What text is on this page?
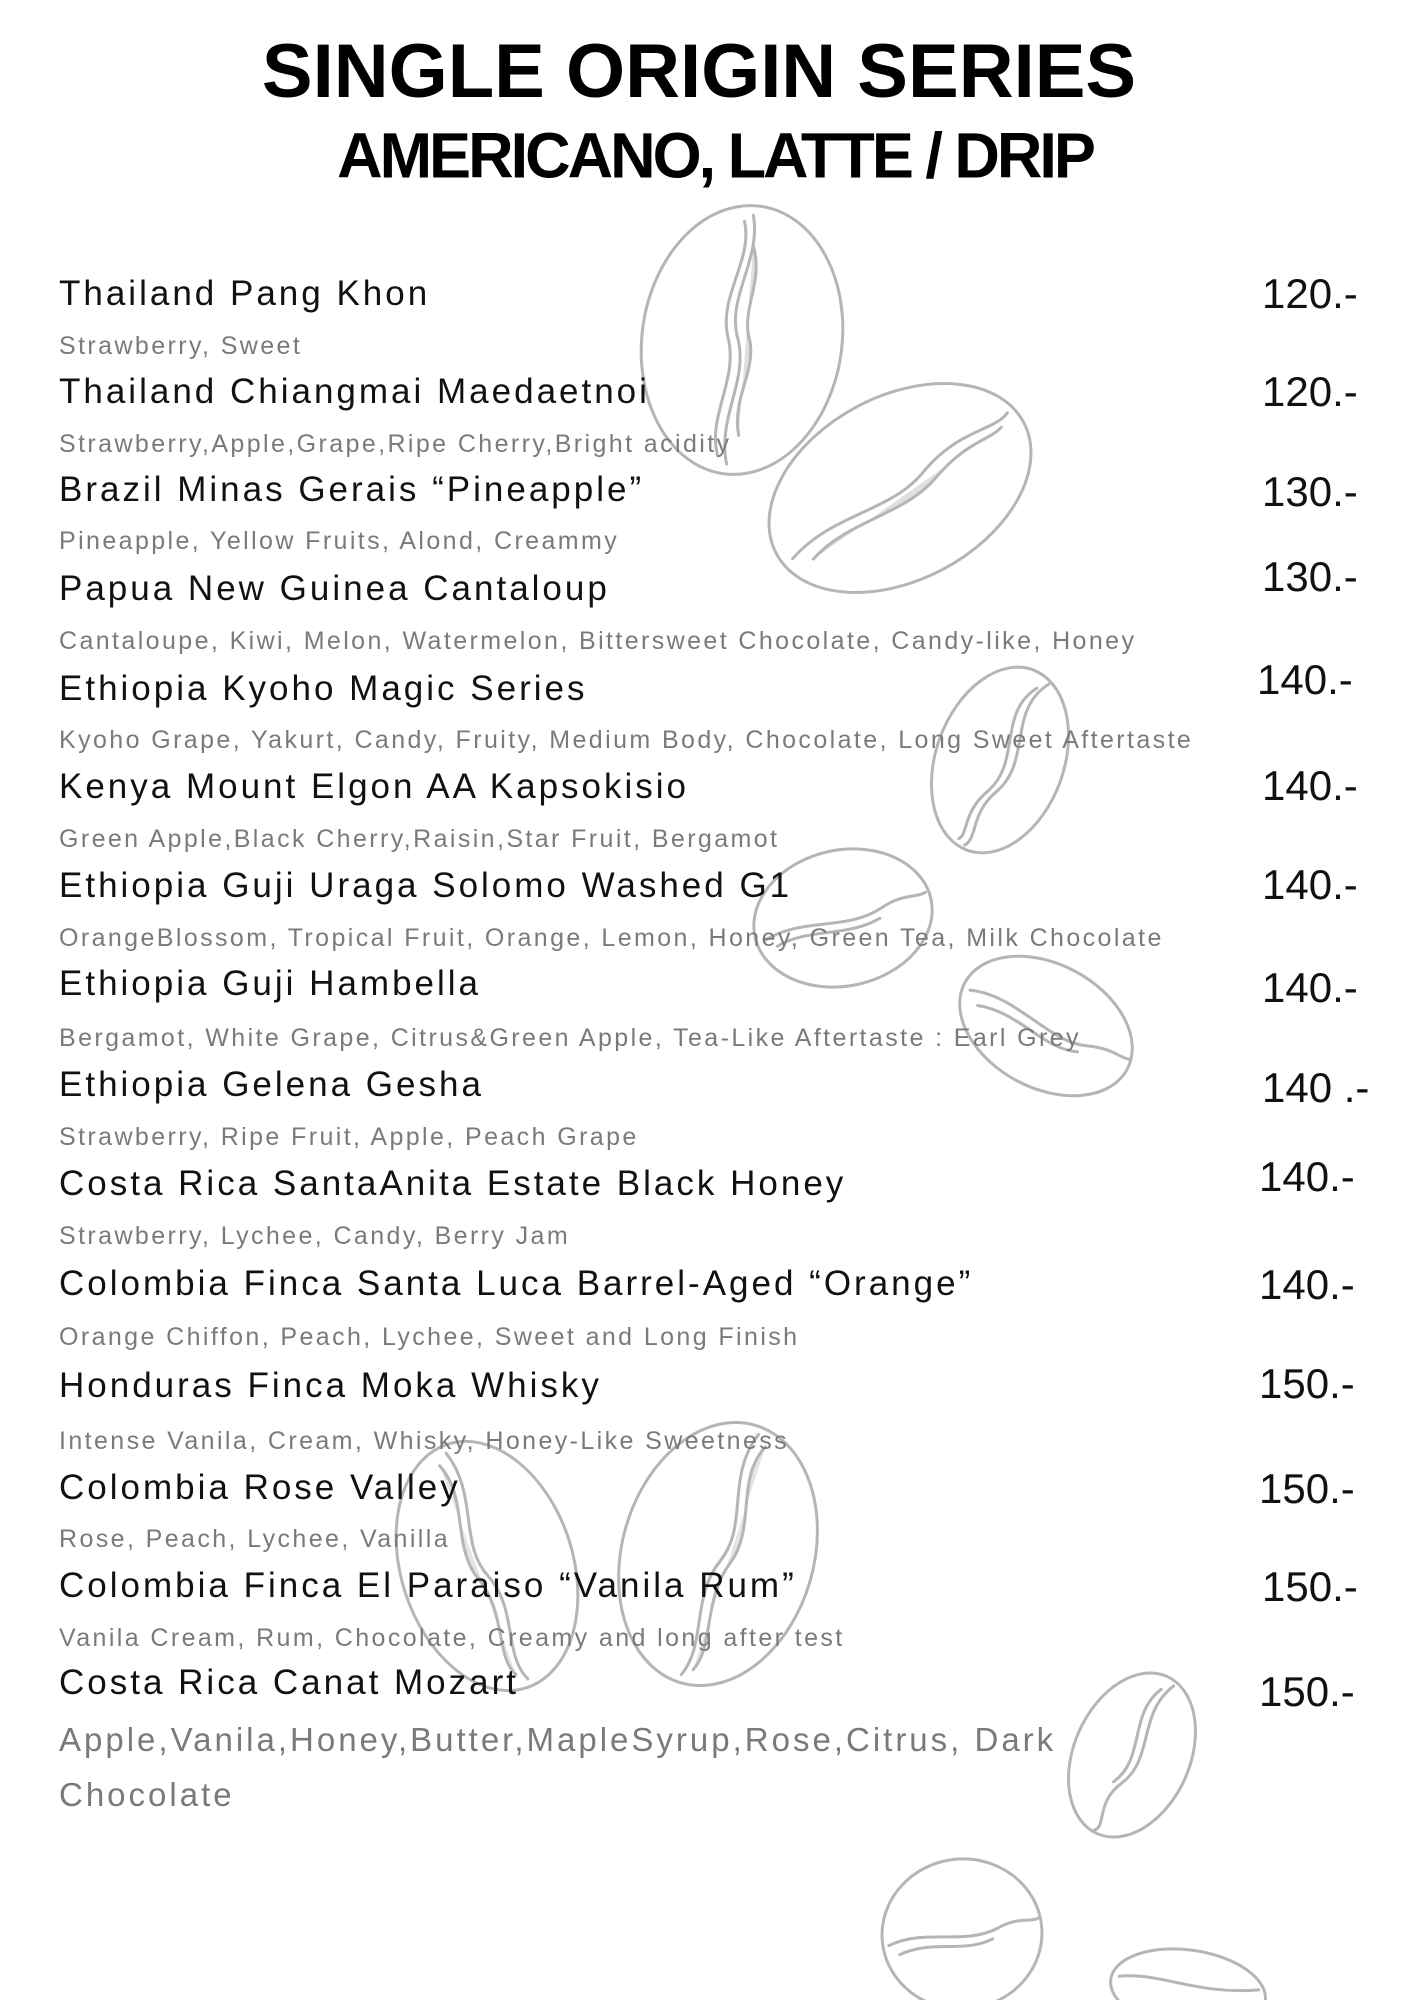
SINGLE ORIGIN SERIES
AMERICANO, LATTE / DRIP
Thailand Pang Khon
Strawberry, Sweet
120.-
Thailand Chiangmai Maedaetnoi
Strawberry,Apple,Grape,Ripe Cherry,Bright acidity
120.-
Brazil Minas Gerais “Pineapple”
Pineapple, Yellow Fruits, Alond, Creammy
130.-
Papua New Guinea Cantaloup
Cantaloupe, Kiwi, Melon, Watermelon, Bittersweet Chocolate, Candy-like, Honey
130.-
Ethiopia Kyoho Magic Series
Kyoho Grape, Yakurt, Candy, Fruity, Medium Body, Chocolate, Long Sweet Aftertaste
140.-
Kenya Mount Elgon AA Kapsokisio
Green Apple,Black Cherry,Raisin,Star Fruit, Bergamot
140.-
Ethiopia Guji Uraga Solomo Washed G1
OrangeBlossom, Tropical Fruit, Orange, Lemon, Honey, Green Tea, Milk Chocolate
140.-
Ethiopia Guji Hambella
Bergamot, White Grape, Citrus&Green Apple, Tea-Like Aftertaste : Earl Grey
140.-
Ethiopia Gelena Gesha
Strawberry, Ripe Fruit, Apple, Peach Grape
140 .-
Costa Rica SantaAnita Estate Black Honey
Strawberry, Lychee, Candy, Berry Jam
140.-
Colombia Finca Santa Luca Barrel-Aged “Orange”
Orange Chiffon, Peach, Lychee, Sweet and Long Finish
140.-
Honduras Finca Moka Whisky
Intense Vanila, Cream, Whisky, Honey-Like Sweetness
150.-
Colombia Rose Valley
Rose, Peach, Lychee, Vanilla
150.-
Colombia Finca El Paraiso “Vanila Rum”
Vanila Cream, Rum, Chocolate, Creamy and long after test
150.-
Costa Rica Canat Mozart
Apple,Vanila,Honey,Butter,MapleSyrup,Rose,Citrus, Dark Chocolate
150.-
